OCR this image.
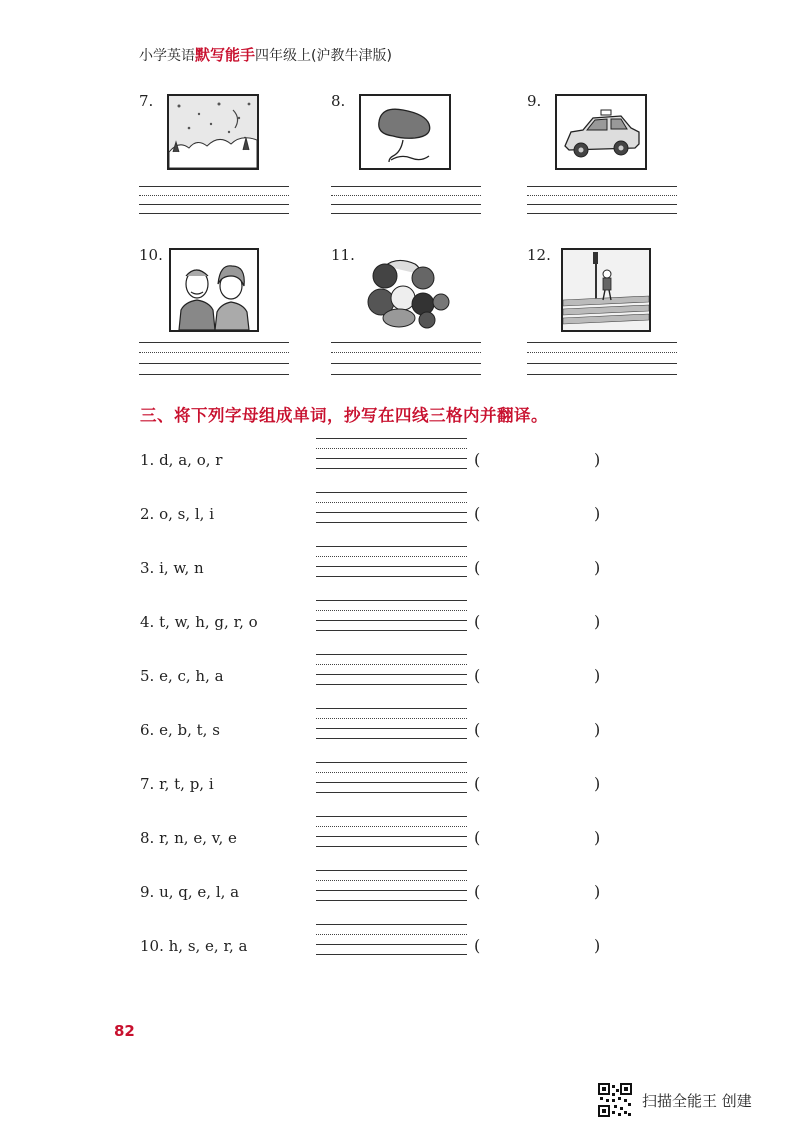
小学英语默写能手四年级上(沪教牛津版)
7.	8.	9.
10.	11.	12.
三、将下列字母组成单词，抄写在四线三格内并翻译。
1. d, a, o, r	(	)
2. o, s, l, i	(	)
3. i, w, n	(	)
4. t, w, h, g, r, o	(	)
5. e, c, h, a	(	)
6. e, b, t, s	(	)
7. r, t, p, i	(	)
8. r, n, e, v, e	(	)
9. u, q, e, l, a	(	)
10. h, s, e, r, a	(	)
82
扫描全能王 创建
